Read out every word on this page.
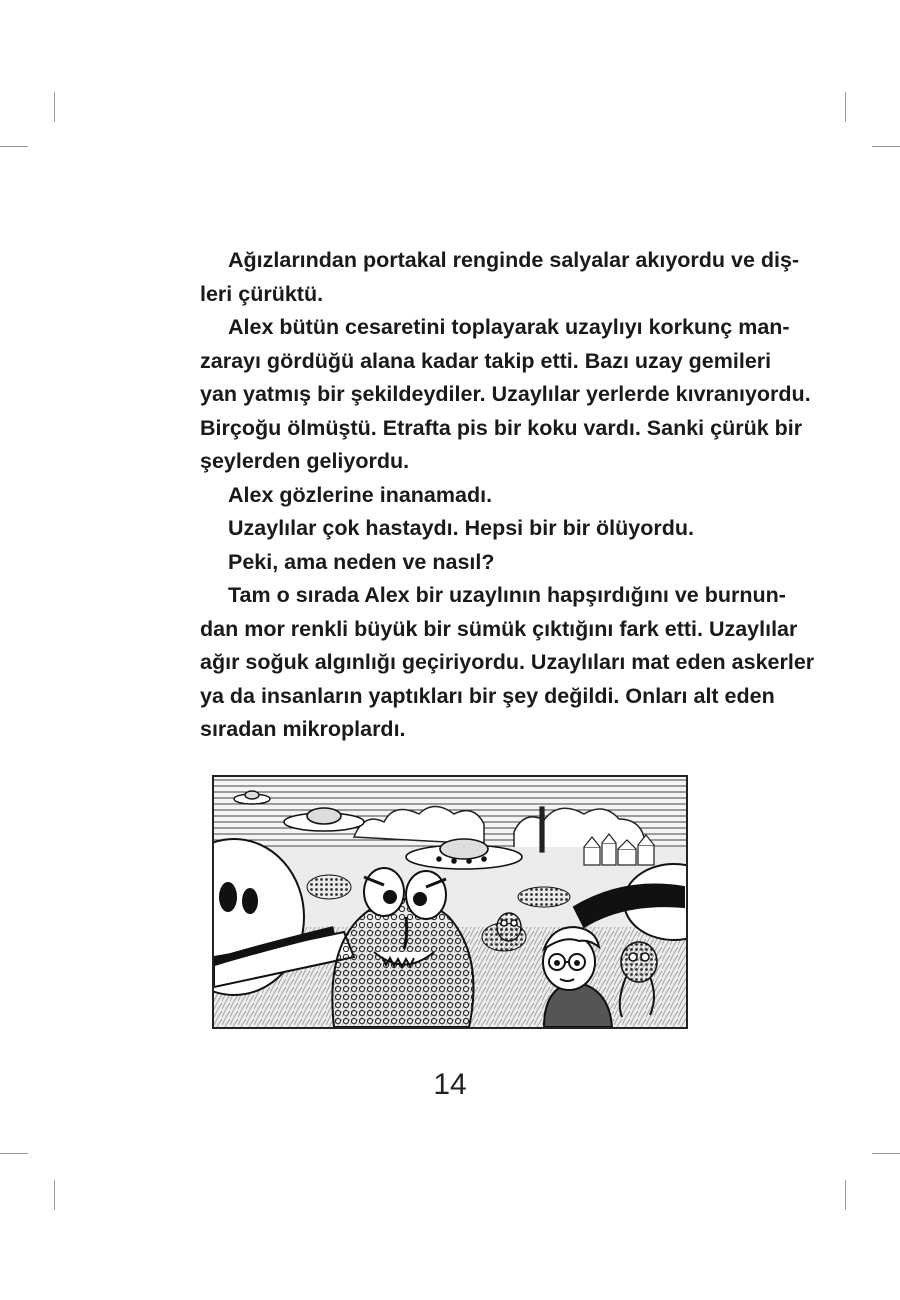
Ağızlarından portakal renginde salyalar akıyordu ve diş-
leri çürüktü.
Alex bütün cesaretini toplayarak uzaylıyı korkunç man-
zarayı gördüğü alana kadar takip etti. Bazı uzay gemileri
yan yatmış bir şekildeydiler. Uzaylılar yerlerde kıvranıyordu.
Birçoğu ölmüştü. Etrafta pis bir koku vardı. Sanki çürük bir
şeylerden geliyordu.
Alex gözlerine inanamadı.
Uzaylılar çok hastaydı. Hepsi bir bir ölüyordu.
Peki, ama neden ve nasıl?
Tam o sırada Alex bir uzaylının hapşırdığını ve burnun-
dan mor renkli büyük bir sümük çıktığını fark etti. Uzaylılar
ağır soğuk algınlığı geçiriyordu. Uzaylıları mat eden askerler
ya da insanların yaptıkları bir şey değildi. Onları alt eden
sıradan mikroplardı.
14
